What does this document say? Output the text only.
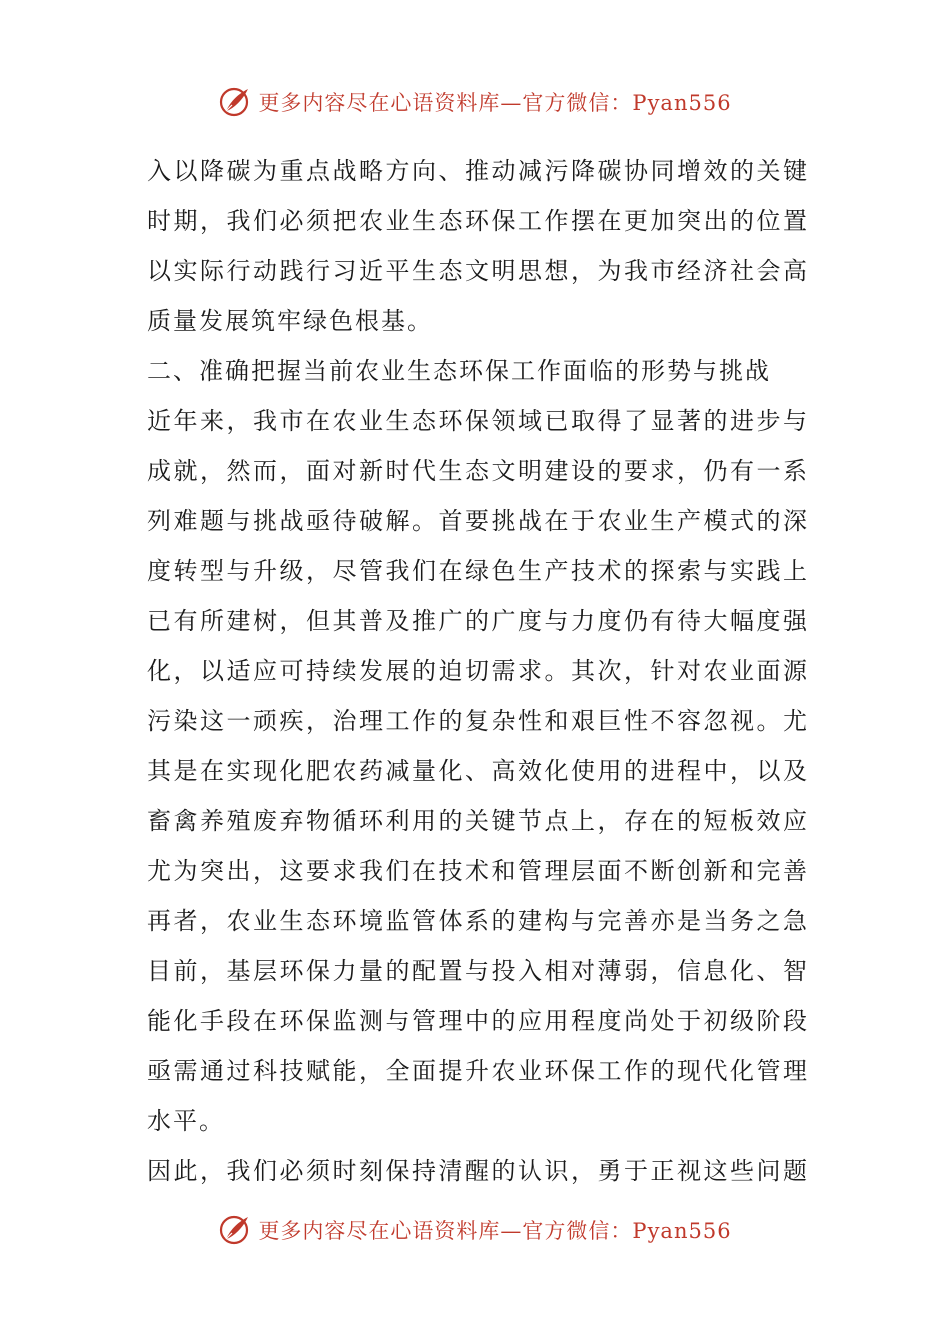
更多内容尽在心语资料库—官方微信：Pyan556
入以降碳为重点战略方向、推动减污降碳协同增效的关键
时期，我们必须把农业生态环保工作摆在更加突出的位置
以实际行动践行习近平生态文明思想，为我市经济社会高
质量发展筑牢绿色根基。
二、准确把握当前农业生态环保工作面临的形势与挑战
近年来，我市在农业生态环保领域已取得了显著的进步与
成就，然而，面对新时代生态文明建设的要求，仍有一系
列难题与挑战亟待破解。首要挑战在于农业生产模式的深
度转型与升级，尽管我们在绿色生产技术的探索与实践上
已有所建树，但其普及推广的广度与力度仍有待大幅度强
化，以适应可持续发展的迫切需求。其次，针对农业面源
污染这一顽疾，治理工作的复杂性和艰巨性不容忽视。尤
其是在实现化肥农药减量化、高效化使用的进程中，以及
畜禽养殖废弃物循环利用的关键节点上，存在的短板效应
尤为突出，这要求我们在技术和管理层面不断创新和完善
再者，农业生态环境监管体系的建构与完善亦是当务之急
目前，基层环保力量的配置与投入相对薄弱，信息化、智
能化手段在环保监测与管理中的应用程度尚处于初级阶段
亟需通过科技赋能，全面提升农业环保工作的现代化管理
水平。
因此，我们必须时刻保持清醒的认识，勇于正视这些问题
更多内容尽在心语资料库—官方微信：Pyan556
